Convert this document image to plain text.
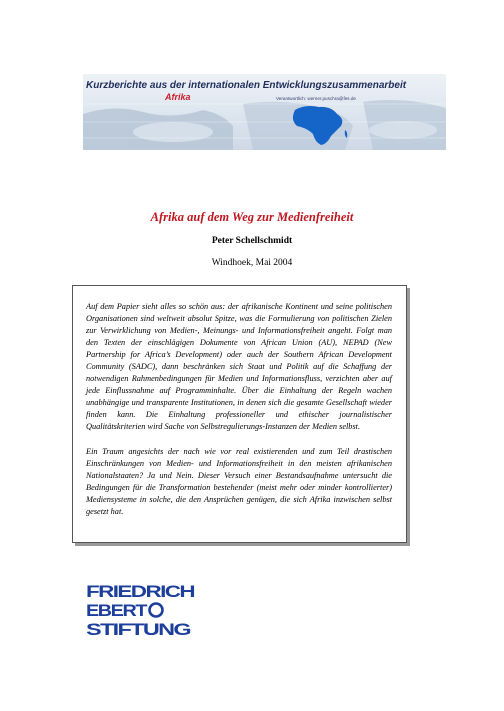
Kurzberichte aus der internationalen Entwicklungszusammenarbeit
Afrika	Verantwortlich: werner.puschra@fes.de
Afrika auf dem Weg zur Medienfreiheit
Peter Schellschmidt
Windhoek, Mai 2004

Auf dem Papier sieht alles so schön aus: der afrikanische Kontinent und seine politischen Organisationen sind weltweit absolut Spitze, was die Formulierung von politischen Zielen zur Verwirklichung von Medien-, Meinungs- und Informationsfreiheit angeht. Folgt man den Texten der einschlägigen Dokumente von African Union (AU), NEPAD (New Partnership for Africa’s Development) oder auch der Southern African Development Community (SADC), dann beschränken sich Staat und Politik auf die Schaffung der notwendigen Rahmenbedingungen für Medien und Informationsfluss, verzichten aber auf jede Einflussnahme auf Programminhalte. Über die Einhaltung der Regeln wachen unabhängige und transparente Institutionen, in denen sich die gesamte Gesellschaft wieder finden kann. Die Einhaltung professioneller und ethischer journalistischer Qualitätskriterien wird Sache von Selbstregulierungs-Instanzen der Medien selbst.

Ein Traum angesichts der nach wie vor real existierenden und zum Teil drastischen Einschränkungen von Medien- und Informationsfreiheit in den meisten afrikanischen Nationalstaaten? Ja und Nein. Dieser Versuch einer Bestandsaufnahme untersucht die Bedingungen für die Transformation bestehender (meist mehr oder minder kontrollierter) Mediensysteme in solche, die den Ansprüchen genügen, die sich Afrika inzwischen selbst gesetzt hat.

FRIEDRICH
EBERT
STIFTUNG
